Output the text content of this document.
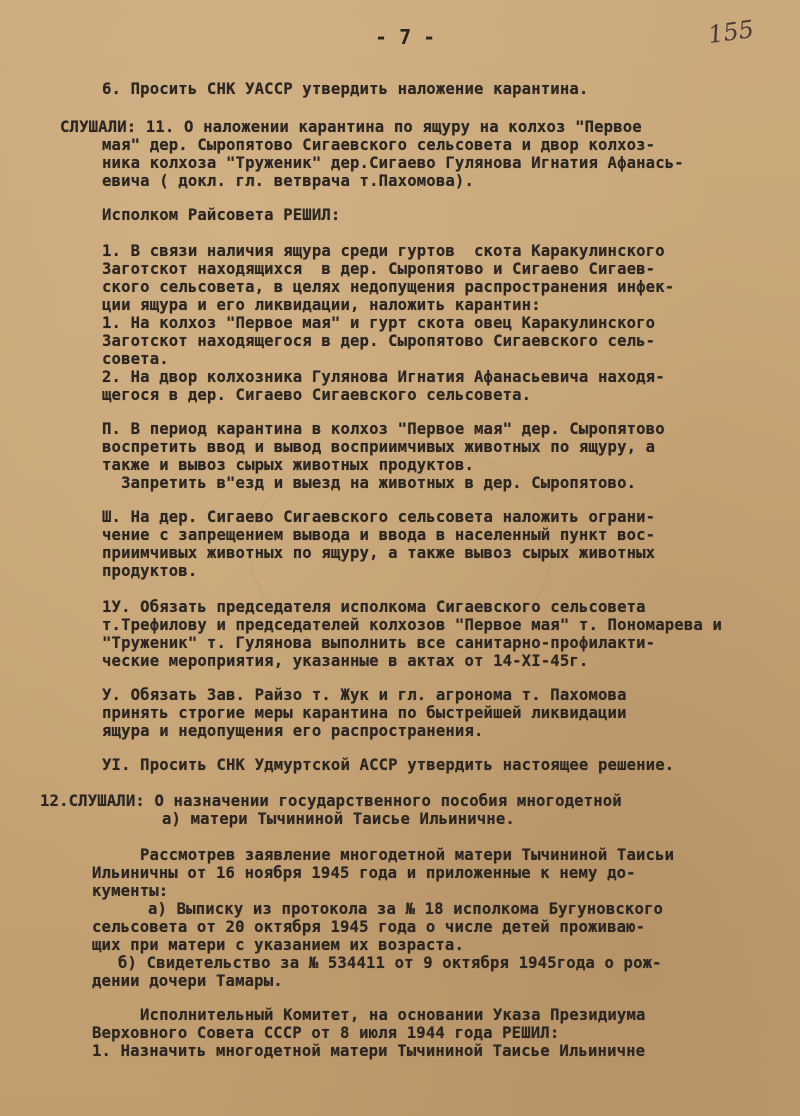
- 7 -	155
6. Просить СНК УАССР утвердить наложение карантина.
СЛУШАЛИ: 11. О наложении карантина по ящуру на колхоз "Первое
мая" дер. Сыропятово Сигаевского сельсовета и двор колхоз-
ника колхоза "Труженик" дер.Сигаево Гулянова Игнатия Афанась-
евича ( докл. гл. ветврача т.Пахомова).
Исполком Райсовета РЕШИЛ:
1. В связи наличия ящура среди гуртов  скота Каракулинского
Заготскот находящихся  в дер. Сыропятово и Сигаево Сигаев-
ского сельсовета, в целях недопущения распространения инфек-
ции ящура и его ликвидации, наложить карантин:
1. На колхоз "Первое мая" и гурт скота овец Каракулинского
Заготскот находящегося в дер. Сыропятово Сигаевского сель-
совета.
2. На двор колхозника Гулянова Игнатия Афанасьевича находя-
щегося в дер. Сигаево Сигаевского сельсовета.
П. В период карантина в колхоз "Первое мая" дер. Сыропятово
воспретить ввод и вывод восприимчивых животных по ящуру, а
также и вывоз сырых животных продуктов.
Запретить в"езд и выезд на животных в дер. Сыропятово.
Ш. На дер. Сигаево Сигаевского сельсовета наложить ограни-
чение с запрещением вывода и ввода в населенный пункт вос-
приимчивых животных по ящуру, а также вывоз сырых животных
продуктов.
1У. Обязать председателя исполкома Сигаевского сельсовета
т.Трефилову и председателей колхозов "Первое мая" т. Пономарева и
"Труженик" т. Гулянова выполнить все санитарно-профилакти-
ческие мероприятия, указанные в актах от 14-XI-45г.
У. Обязать Зав. Райзо т. Жук и гл. агронома т. Пахомова
принять строгие меры карантина по быстрейшей ликвидации
ящура и недопущения его распространения.
УI. Просить СНК Удмуртской АССР утвердить настоящее решение.
12.СЛУШАЛИ: О назначении государственного пособия многодетной
а) матери Тычининой Таисье Ильиничне.
Рассмотрев заявление многодетной матери Тычининой Таисьи
Ильиничны от 16 ноября 1945 года и приложенные к нему до-
кументы:
а) Выписку из протокола за № 18 исполкома Бугуновского
сельсовета от 20 октября 1945 года о числе детей проживаю-
щих при матери с указанием их возраста.
б) Свидетельство за № 534411 от 9 октября 1945года о рож-
дении дочери Тамары.
Исполнительный Комитет, на основании Указа Президиума
Верховного Совета СССР от 8 июля 1944 года РЕШИЛ:
1. Назначить многодетной матери Тычининой Таисье Ильиничне
